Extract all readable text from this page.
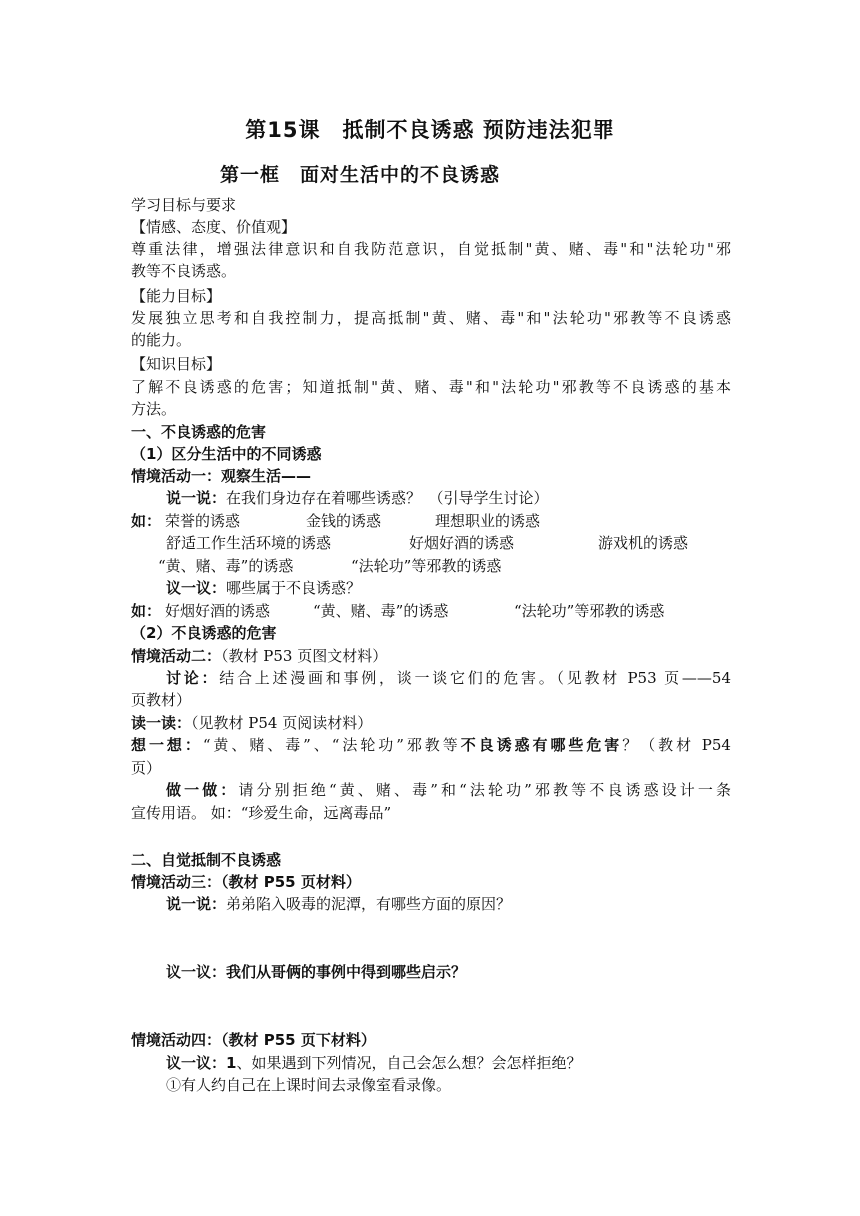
第15课　抵制不良诱惑 预防违法犯罪
第一框　面对生活中的不良诱惑
学习目标与要求
【情感、态度、价值观】
尊重法律，增强法律意识和自我防范意识，自觉抵制"黄、赌、毒"和"法轮功"邪
教等不良诱惑。
【能力目标】
发展独立思考和自我控制力，提高抵制"黄、赌、毒"和"法轮功"邪教等不良诱惑
的能力。
【知识目标】
了解不良诱惑的危害；知道抵制"黄、赌、毒"和"法轮功"邪教等不良诱惑的基本
方法。
一、不良诱惑的危害
（1）区分生活中的不同诱惑
情境活动一：观察生活——
说一说：在我们身边存在着哪些诱惑？　（引导学生讨论）
如： 荣誉的诱惑	金钱的诱惑	理想职业的诱惑
舒适工作生活环境的诱惑	好烟好酒的诱惑	游戏机的诱惑
“黄、赌、毒”的诱惑	“法轮功”等邪教的诱惑
议一议：哪些属于不良诱惑？
如： 好烟好酒的诱惑	“黄、赌、毒”的诱惑	“法轮功”等邪教的诱惑
（2）不良诱惑的危害
情境活动二：（教材 P53 页图文材料）
讨论：结合上述漫画和事例，谈一谈它们的危害。（见教材 P53 页——54
页教材）
读一读：（见教材 P54 页阅读材料）
想一想：“黄、赌、毒”、“法轮功”邪教等不良诱惑有哪些危害？（教材 P54
页）
做一做：请分别拒绝“黄、赌、毒”和“法轮功”邪教等不良诱惑设计一条
宣传用语。 如：“珍爱生命，远离毒品”
二、自觉抵制不良诱惑
情境活动三：（教材 P55 页材料）
说一说：弟弟陷入吸毒的泥潭，有哪些方面的原因？
议一议：我们从哥俩的事例中得到哪些启示？
情境活动四：（教材 P55 页下材料）
议一议：1、如果遇到下列情况，自己会怎么想？会怎样拒绝？
①有人约自己在上课时间去录像室看录像。
